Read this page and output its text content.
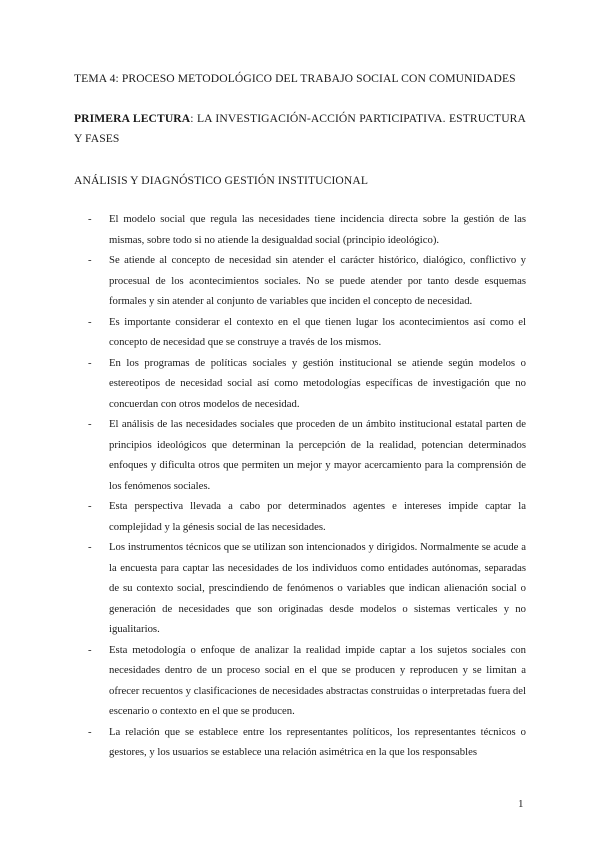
TEMA 4: PROCESO METODOLÓGICO DEL TRABAJO SOCIAL CON COMUNIDADES
PRIMERA LECTURA: LA INVESTIGACIÓN-ACCIÓN PARTICIPATIVA. ESTRUCTURA Y FASES
ANÁLISIS Y DIAGNÓSTICO GESTIÓN INSTITUCIONAL
- El modelo social que regula las necesidades tiene incidencia directa sobre la gestión de las mismas, sobre todo si no atiende la desigualdad social (principio ideológico).
- Se atiende al concepto de necesidad sin atender el carácter histórico, dialógico, conflictivo y procesual de los acontecimientos sociales. No se puede atender por tanto desde esquemas formales y sin atender al conjunto de variables que inciden el concepto de necesidad.
- Es importante considerar el contexto en el que tienen lugar los acontecimientos así como el concepto de necesidad que se construye a través de los mismos.
- En los programas de políticas sociales y gestión institucional se atiende según modelos o estereotipos de necesidad social así como metodologías específicas de investigación que no concuerdan con otros modelos de necesidad.
- El análisis de las necesidades sociales que proceden de un ámbito institucional estatal parten de principios ideológicos que determinan la percepción de la realidad, potencian determinados enfoques y dificulta otros que permiten un mejor y mayor acercamiento para la comprensión de los fenómenos sociales.
- Esta perspectiva llevada a cabo por determinados agentes e intereses impide captar la complejidad y la génesis social de las necesidades.
- Los instrumentos técnicos que se utilizan son intencionados y dirigidos. Normalmente se acude a la encuesta para captar las necesidades de los individuos como entidades autónomas, separadas de su contexto social, prescindiendo de fenómenos o variables que indican alienación social o generación de necesidades que son originadas desde modelos o sistemas verticales y no igualitarios.
- Esta metodología o enfoque de analizar la realidad impide captar a los sujetos sociales con necesidades dentro de un proceso social en el que se producen y reproducen y se limitan a ofrecer recuentos y clasificaciones de necesidades abstractas construidas o interpretadas fuera del escenario o contexto en el que se producen.
- La relación que se establece entre los representantes políticos, los representantes técnicos o gestores, y los usuarios se establece una relación asimétrica en la que los responsables
1
